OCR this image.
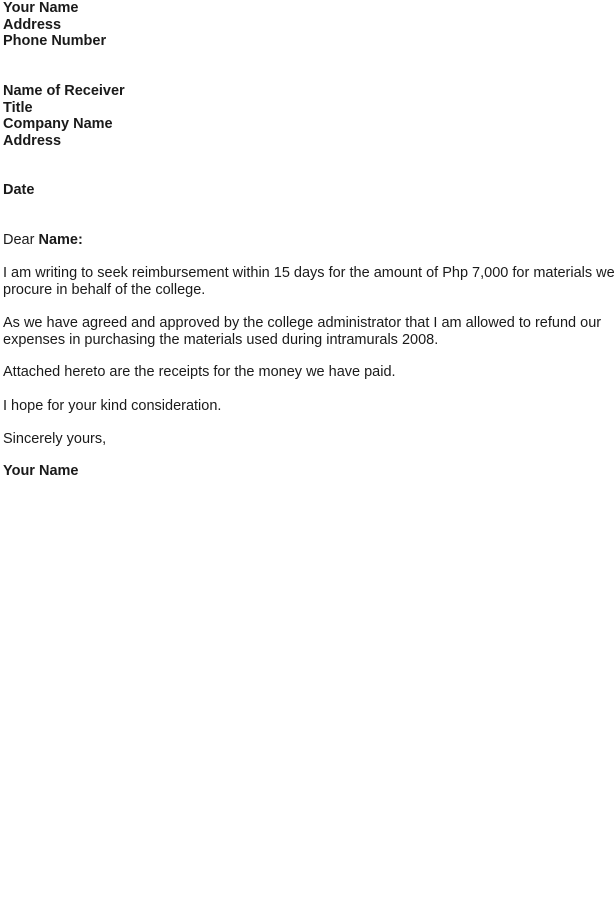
Your Name
Address
Phone Number
Name of Receiver
Title
Company Name
Address
Date
Dear Name:
I am writing to seek reimbursement within 15 days for the amount of Php 7,000 for materials we
procure in behalf of the college.
As we have agreed and approved by the college administrator that I am allowed to refund our
expenses in purchasing the materials used during intramurals 2008.
Attached hereto are the receipts for the money we have paid.
I hope for your kind consideration.
Sincerely yours,
Your Name
